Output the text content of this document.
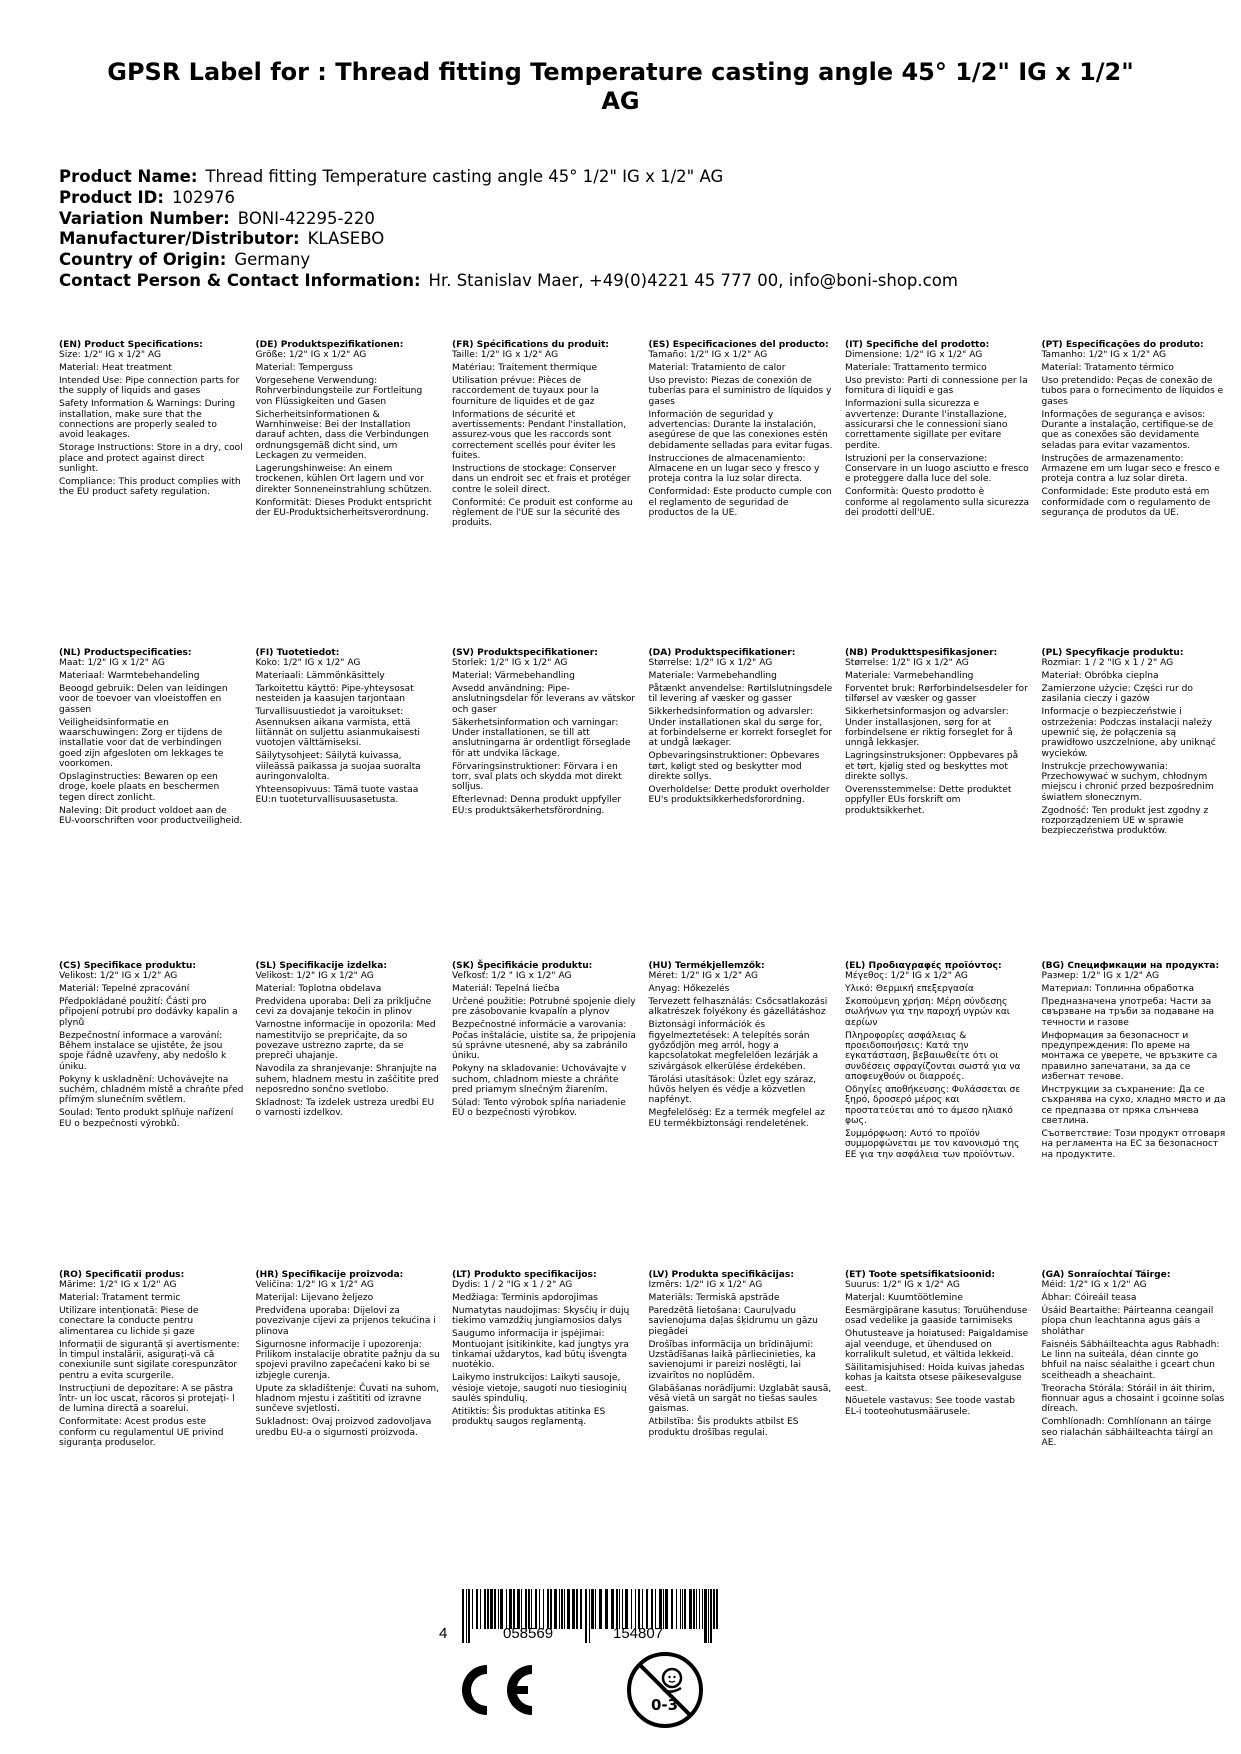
GPSR Label for : Thread fitting Temperature casting angle 45° 1/2" IG x 1/2" AG
Product Name: Thread fitting Temperature casting angle 45° 1/2" IG x 1/2" AG
Product ID: 102976
Variation Number: BONI-42295-220
Manufacturer/Distributor: KLASEBO
Country of Origin: Germany
Contact Person & Contact Information: Hr. Stanislav Maer, +49(0)4221 45 777 00, info@boni-shop.com
(EN) Product Specifications:
Size: 1/2" IG x 1/2" AG
Material: Heat treatment
Intended Use: Pipe connection parts for the supply of liquids and gases
Safety Information & Warnings: During installation, make sure that the connections are properly sealed to avoid leakages.
Storage Instructions: Store in a dry, cool place and protect against direct sunlight.
Compliance: This product complies with the EU product safety regulation.
(DE) Produktspezifikationen:
Größe: 1/2" IG x 1/2" AG
Material: Temperguss
Vorgesehene Verwendung: Rohrverbindungsteile zur Fortleitung von Flüssigkeiten und Gasen
Sicherheitsinformationen & Warnhinweise: Bei der Installation darauf achten, dass die Verbindungen ordnungsgemäß dicht sind, um Leckagen zu vermeiden.
Lagerungshinweise: An einem trockenen, kühlen Ort lagern und vor direkter Sonneneinstrahlung schützen.
Konformität: Dieses Produkt entspricht der EU-Produktsicherheitsverordnung.
(FR) Spécifications du produit:
Taille: 1/2" IG x 1/2" AG
Matériau: Traitement thermique
Utilisation prévue: Pièces de raccordement de tuyaux pour la fourniture de liquides et de gaz
Informations de sécurité et avertissements: Pendant l'installation, assurez-vous que les raccords sont correctement scellés pour éviter les fuites.
Instructions de stockage: Conserver dans un endroit sec et frais et protéger contre le soleil direct.
Conformité: Ce produit est conforme au règlement de l'UE sur la sécurité des produits.
(ES) Especificaciones del producto:
Tamaño: 1/2" IG x 1/2" AG
Material: Tratamiento de calor
Uso previsto: Piezas de conexión de tuberías para el suministro de líquidos y gases
Información de seguridad y advertencias: Durante la instalación, asegúrese de que las conexiones estén debidamente selladas para evitar fugas.
Instrucciones de almacenamiento: Almacene en un lugar seco y fresco y proteja contra la luz solar directa.
Conformidad: Este producto cumple con el reglamento de seguridad de productos de la UE.
(IT) Specifiche del prodotto:
Dimensione: 1/2" IG x 1/2" AG
Materiale: Trattamento termico
Uso previsto: Parti di connessione per la fornitura di liquidi e gas
Informazioni sulla sicurezza e avvertenze: Durante l'installazione, assicurarsi che le connessioni siano correttamente sigillate per evitare perdite.
Istruzioni per la conservazione: Conservare in un luogo asciutto e fresco e proteggere dalla luce del sole.
Conformità: Questo prodotto è conforme al regolamento sulla sicurezza dei prodotti dell'UE.
(PT) Especificações do produto:
Tamanho: 1/2" IG x 1/2" AG
Material: Tratamento térmico
Uso pretendido: Peças de conexão de tubos para o fornecimento de líquidos e gases
Informações de segurança e avisos: Durante a instalação, certifique-se de que as conexões são devidamente seladas para evitar vazamentos.
Instruções de armazenamento: Armazene em um lugar seco e fresco e proteja contra a luz solar direta.
Conformidade: Este produto está em conformidade com o regulamento de segurança de produtos da UE.
(NL) Productspecificaties:
Maat: 1/2" IG x 1/2" AG
Materiaal: Warmtebehandeling
Beoogd gebruik: Delen van leidingen voor de toevoer van vloeistoffen en gassen
Veiligheidsinformatie en waarschuwingen: Zorg er tijdens de installatie voor dat de verbindingen goed zijn afgesloten om lekkages te voorkomen.
Opslaginstructies: Bewaren op een droge, koele plaats en beschermen tegen direct zonlicht.
Naleving: Dit product voldoet aan de EU-voorschriften voor productveiligheid.
(FI) Tuotetiedot:
Koko: 1/2" IG x 1/2" AG
Materiaali: Lämmönkäsittely
Tarkoitettu käyttö: Pipe-yhteysosat nesteiden ja kaasujen tarjontaan
Turvallisuustiedot ja varoitukset: Asennuksen aikana varmista, että liitännät on suljettu asianmukaisesti vuotojen välttämiseksi.
Säilytysohjeet: Säilytä kuivassa, viileässä paikassa ja suojaa suoralta auringonvalolta.
Yhteensopivuus: Tämä tuote vastaa EU:n tuoteturvallisuusasetusta.
(SV) Produktspecifikationer:
Storlek: 1/2" IG x 1/2" AG
Material: Värmebehandling
Avsedd användning: Pipe-anslutningsdelar för leverans av vätskor och gaser
Säkerhetsinformation och varningar: Under installationen, se till att anslutningarna är ordentligt förseglade för att undvika läckage.
Förvaringsinstruktioner: Förvara i en torr, sval plats och skydda mot direkt solljus.
Efterlevnad: Denna produkt uppfyller EU:s produktsäkerhetsförordning.
(DA) Produktspecifikationer:
Størrelse: 1/2" IG x 1/2" AG
Materiale: Varmebehandling
Påtænkt anvendelse: Rørtilslutningsdele til levering af væsker og gasser
Sikkerhedsinformation og advarsler: Under installationen skal du sørge for, at forbindelserne er korrekt forseglet for at undgå lækager.
Opbevaringsinstruktioner: Opbevares tørt, køligt sted og beskytter mod direkte sollys.
Overholdelse: Dette produkt overholder EU's produktsikkerhedsforordning.
(NB) Produkttspesifikasjoner:
Størrelse: 1/2" IG x 1/2" AG
Materiale: Varmebehandling
Forventet bruk: Rørforbindelsesdeler for tilførsel av væsker og gasser
Sikkerhetsinformasjon og advarsler: Under installasjonen, sørg for at forbindelsene er riktig forseglet for å unngå lekkasjer.
Lagringsinstruksjoner: Oppbevares på et tørt, kjølig sted og beskyttes mot direkte sollys.
Overensstemmelse: Dette produktet oppfyller EUs forskrift om produktsikkerhet.
(PL) Specyfikacje produktu:
Rozmiar: 1 / 2 "IG x 1 / 2" AG
Materiał: Obróbka cieplna
Zamierzone użycie: Części rur do zasilania cieczy i gazów
Informacje o bezpieczeństwie i ostrzeżenia: Podczas instalacji należy upewnić się, że połączenia są prawidłowo uszczelnione, aby uniknąć wycieków.
Instrukcje przechowywania: Przechowywać w suchym, chłodnym miejscu i chronić przed bezpośrednim światłem słonecznym.
Zgodność: Ten produkt jest zgodny z rozporządzeniem UE w sprawie bezpieczeństwa produktów.
(CS) Specifikace produktu:
Velikost: 1/2" IG x 1/2" AG
Materiál: Tepelné zpracování
Předpokládané použití: Části pro připojení potrubí pro dodávky kapalin a plynů
Bezpečnostní informace a varování: Během instalace se ujistěte, že jsou spoje řádně uzavřeny, aby nedošlo k úniku.
Pokyny k uskladnění: Uchovávejte na suchém, chladném místě a chraňte před přímým slunečním světlem.
Soulad: Tento produkt splňuje nařízení EU o bezpečnosti výrobků.
(SL) Specifikacije izdelka:
Velikost: 1/2" IG x 1/2" AG
Material: Toplotna obdelava
Predvidena uporaba: Deli za priključne cevi za dovajanje tekočin in plinov
Varnostne informacije in opozorila: Med namestitvijo se prepričajte, da so povezave ustrezno zaprte, da se prepreči uhajanje.
Navodila za shranjevanje: Shranjujte na suhem, hladnem mestu in zaščitite pred neposredno sončno svetlobo.
Skladnost: Ta izdelek ustreza uredbi EU o varnosti izdelkov.
(SK) Špecifikácie produktu:
Veľkosť: 1/2 " IG x 1/2" AG
Materiál: Tepelná liečba
Určené použitie: Potrubné spojenie diely pre zásobovanie kvapalín a plynov
Bezpečnostné informácie a varovania: Počas inštalácie, uistite sa, že pripojenia sú správne utesnené, aby sa zabránilo úniku.
Pokyny na skladovanie: Uchovávajte v suchom, chladnom mieste a chráňte pred priamym slnečným žiarením.
Súlad: Tento výrobok spĺňa nariadenie EÚ o bezpečnosti výrobkov.
(HU) Termékjellemzők:
Méret: 1/2" IG x 1/2" AG
Anyag: Hőkezelés
Tervezett felhasználás: Csőcsatlakozási alkatrészek folyékony és gázellátáshoz
Biztonsági információk és figyelmeztetések: A telepítés során győződjön meg arról, hogy a kapcsolatokat megfelelően lezárják a szivárgások elkerülése érdekében.
Tárolási utasítások: Üzlet egy száraz, hűvös helyen és védje a közvetlen napfényt.
Megfelelőség: Ez a termék megfelel az EU termékbiztonsági rendeletének.
(EL) Προδιαγραφές προϊόντος:
Μέγεθος: 1/2" IG x 1/2" AG
Υλικό: Θερμική επεξεργασία
Σκοπούμενη χρήση: Μέρη σύνδεσης σωλήνων για την παροχή υγρών και αερίων
Πληροφορίες ασφάλειας & προειδοποιήσεις: Κατά την εγκατάσταση, βεβαιωθείτε ότι οι συνδέσεις σφραγίζονται σωστά για να αποφευχθούν οι διαρροές.
Οδηγίες αποθήκευσης: Φυλάσσεται σε ξηρό, δροσερό μέρος και προστατεύεται από το άμεσο ηλιακό φως.
Συμμόρφωση: Αυτό το προϊόν συμμορφώνεται με τον κανονισμό της ΕΕ για την ασφάλεια των προϊόντων.
(BG) Спецификации на продукта:
Размер: 1/2" IG x 1/2" AG
Материал: Топлинна обработка
Предназначена употреба: Части за свързване на тръби за подаване на течности и газове
Информация за безопасност и предупреждения: По време на монтажа се уверете, че връзките са правилно запечатани, за да се избегнат течове.
Инструкции за съхранение: Да се съхранява на сухо, хладно място и да се предпазва от пряка слънчева светлина.
Съответствие: Този продукт отговаря на регламента на ЕС за безопасност на продуктите.
(RO) Specificatii produs:
Mărime: 1/2" IG x 1/2" AG
Material: Tratament termic
Utilizare intenționată: Piese de conectare la conducte pentru alimentarea cu lichide și gaze
Informații de siguranță și avertismente: În timpul instalării, asigurați-vă că conexiunile sunt sigilate corespunzător pentru a evita scurgerile.
Instrucțiuni de depozitare: A se păstra într- un loc uscat, răcoros și protejați- l de lumina directă a soarelui.
Conformitate: Acest produs este conform cu regulamentul UE privind siguranța produselor.
(HR) Specifikacije proizvoda:
Veličina: 1/2" IG x 1/2" AG
Materijal: Lijevano željezo
Predviđena uporaba: Dijelovi za povezivanje cijevi za prijenos tekućina i plinova
Sigurnosne informacije i upozorenja: Prilikom instalacije obratite pažnju da su spojevi pravilno zapečaćeni kako bi se izbjegle curenja.
Upute za skladištenje: Čuvati na suhom, hladnom mjestu i zaštititi od izravne sunčeve svjetlosti.
Sukladnost: Ovaj proizvod zadovoljava uredbu EU-a o sigurnosti proizvoda.
(LT) Produkto specifikacijos:
Dydis: 1 / 2 "IG x 1 / 2" AG
Medžiaga: Terminis apdorojimas
Numatytas naudojimas: Skysčių ir dujų tiekimo vamzdžių jungiamosios dalys
Saugumo informacija ir įspėjimai: Montuojant įsitikinkite, kad jungtys yra tinkamai uždarytos, kad būtų išvengta nuotėkio.
Laikymo instrukcijos: Laikyti sausoje, vėsioje vietoje, saugoti nuo tiesioginių saulės spindulių.
Atitiktis: Šis produktas atitinka ES produktų saugos reglamentą.
(LV) Produkta specifikācijas:
Izmērs: 1/2" IG x 1/2" AG
Materiāls: Termiskā apstrāde
Paredzētā lietošana: Cauruļvadu savienojuma daļas šķidrumu un gāzu piegādei
Drošības informācija un brīdinājumi: Uzstādīšanas laikā pārliecinieties, ka savienojumi ir pareizi noslēgti, lai izvairītos no noplūdēm.
Glabāšanas norādījumi: Uzglabāt sausā, vēsā vietā un sargāt no tiešas saules gaismas.
Atbilstība: Šis produkts atbilst ES produktu drošības regulai.
(ET) Toote spetsifikatsioonid:
Suurus: 1/2" IG x 1/2" AG
Materjal: Kuumtöötlemine
Eesmärgipärane kasutus: Toruühenduse osad vedelike ja gaaside tarnimiseks
Ohutusteave ja hoiatused: Paigaldamise ajal veenduge, et ühendused on korralikult suletud, et vältida lekkeid.
Säilitamisjuhised: Hoida kuivas jahedas kohas ja kaitsta otsese päikesevalguse eest.
Nõuetele vastavus: See toode vastab EL-i tooteohutusmäärusele.
(GA) Sonraíochtaí Táirge:
Méid: 1/2" IG x 1/2" AG
Ábhar: Cóireáil teasa
Úsáid Beartaithe: Páirteanna ceangail píopa chun leachtanna agus gáis a sholáthar
Faisnéis Sábháilteachta agus Rabhadh: Le linn na suiteála, déan cinnte go bhfuil na naisc séalaithe i gceart chun sceitheadh a sheachaint.
Treoracha Stórála: Stóráil in áit thirim, fionnuar agus a chosaint i gcoinne solas díreach.
Comhlíonadh: Comhlíonann an táirge seo rialachán sábháilteachta táirgí an AE.
4	058569	154807
0-3
